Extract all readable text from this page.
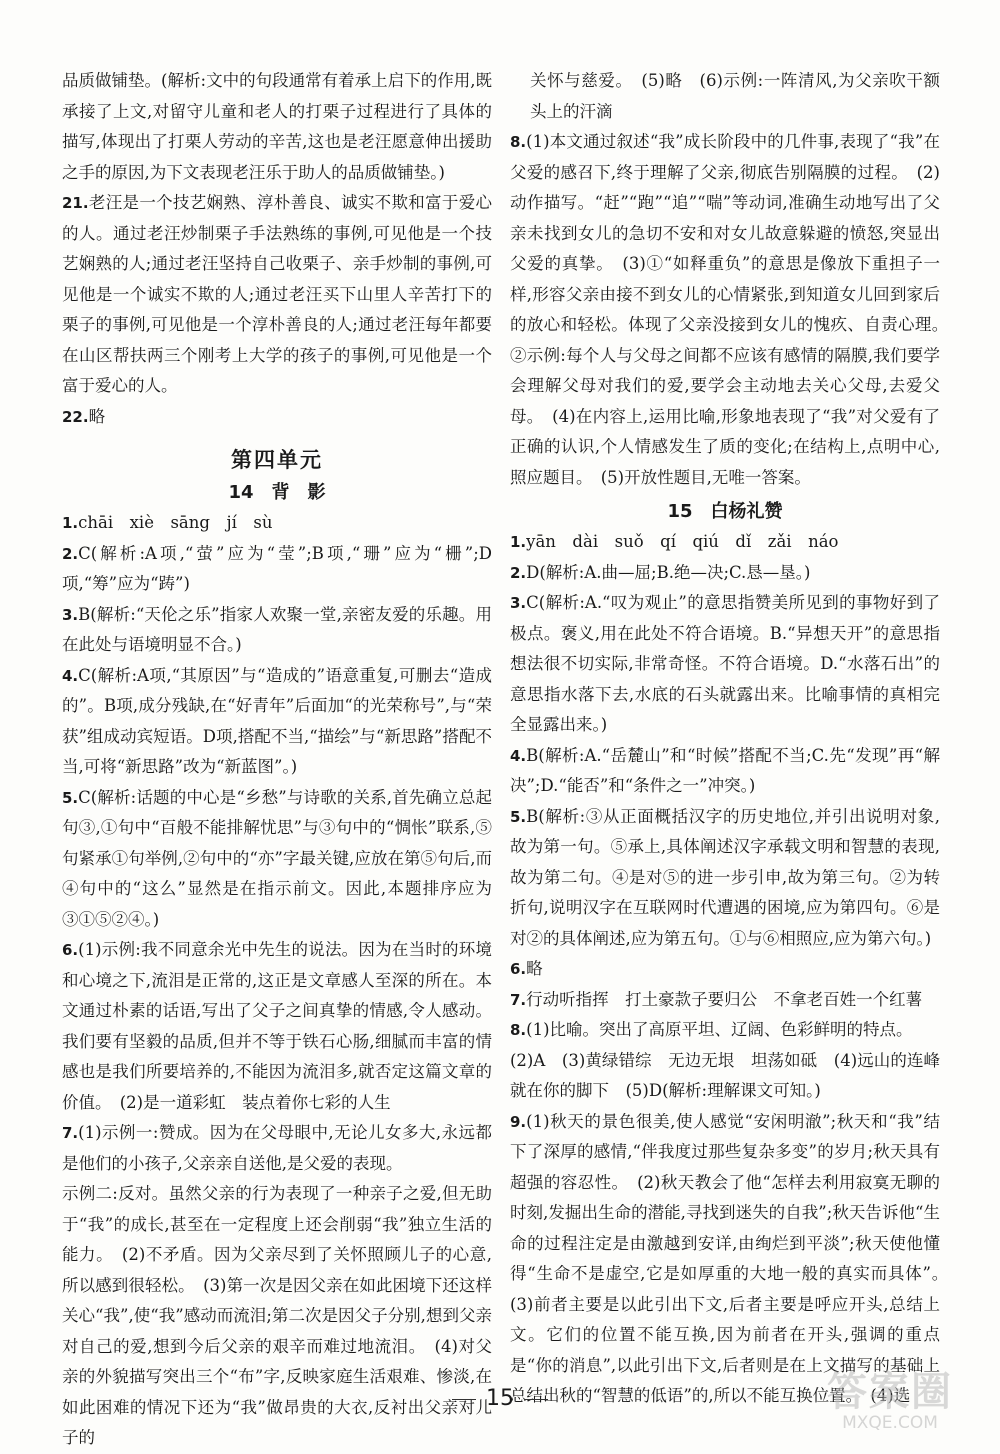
品质做铺垫。(解析:文中的句段通常有着承上启下的作用,既承接了上文,对留守儿童和老人的打栗子过程进行了具体的描写,体现出了打栗人劳动的辛苦,这也是老汪愿意伸出援助之手的原因,为下文表现老汪乐于助人的品质做铺垫。)

21.老汪是一个技艺娴熟、淳朴善良、诚实不欺和富于爱心的人。通过老汪炒制栗子手法熟练的事例,可见他是一个技艺娴熟的人;通过老汪坚持自己收栗子、亲手炒制的事例,可见他是一个诚实不欺的人;通过老汪买下山里人辛苦打下的栗子的事例,可见他是一个淳朴善良的人;通过老汪每年都要在山区帮扶两三个刚考上大学的孩子的事例,可见他是一个富于爱心的人。

22.略

第四单元
14　背　影

1.chāi　xiè　sāng　jí　sù

2.C(解析:A项,“萤”应为“莹”;B项,“珊”应为“栅”;D项,“筹”应为“踌”)

3.B(解析:“天伦之乐”指家人欢聚一堂,亲密友爱的乐趣。用在此处与语境明显不合。)

4.C(解析:A项,“其原因”与“造成的”语意重复,可删去“造成的”。B项,成分残缺,在“好青年”后面加“的光荣称号”,与“荣获”组成动宾短语。D项,搭配不当,“描绘”与“新思路”搭配不当,可将“新思路”改为“新蓝图”。)

5.C(解析:话题的中心是“乡愁”与诗歌的关系,首先确立总起句③,①句中“百般不能排解忧思”与③句中的“惆怅”联系,⑤句紧承①句举例,②句中的“亦”字最关键,应放在第⑤句后,而④句中的“这么”显然是在指示前文。因此,本题排序应为③①⑤②④。)

6.(1)示例:我不同意余光中先生的说法。因为在当时的环境和心境之下,流泪是正常的,这正是文章感人至深的所在。本文通过朴素的话语,写出了父子之间真挚的情感,令人感动。我们要有坚毅的品质,但并不等于铁石心肠,细腻而丰富的情感也是我们所要培养的,不能因为流泪多,就否定这篇文章的价值。　(2)是一道彩虹　装点着你七彩的人生

7.(1)示例一:赞成。因为在父母眼中,无论儿女多大,永远都是他们的小孩子,父亲亲自送他,是父爱的表现。

示例二:反对。虽然父亲的行为表现了一种亲子之爱,但无助于“我”的成长,甚至在一定程度上还会削弱“我”独立生活的能力。　(2)不矛盾。因为父亲尽到了关怀照顾儿子的心意,所以感到很轻松。　(3)第一次是因父亲在如此困境下还这样关心“我”,使“我”感动而流泪;第二次是因父子分别,想到父亲对自己的爱,想到今后父亲的艰辛而难过地流泪。　(4)对父亲的外貌描写突出三个“布”字,反映家庭生活艰难、惨淡,在如此困难的情况下还为“我”做昂贵的大衣,反衬出父亲对儿子的

关怀与慈爱。　(5)略　(6)示例:一阵清风,为父亲吹干额头上的汗滴

8.(1)本文通过叙述“我”成长阶段中的几件事,表现了“我”在父爱的感召下,终于理解了父亲,彻底告别隔膜的过程。　(2)动作描写。“赶”“跑”“追”“喘”等动词,准确生动地写出了父亲未找到女儿的急切不安和对女儿故意躲避的愤怒,突显出父爱的真挚。　(3)①“如释重负”的意思是像放下重担子一样,形容父亲由接不到女儿的心情紧张,到知道女儿回到家后的放心和轻松。体现了父亲没接到女儿的愧疚、自责心理。　②示例:每个人与父母之间都不应该有感情的隔膜,我们要学会理解父母对我们的爱,要学会主动地去关心父母,去爱父母。　(4)在内容上,运用比喻,形象地表现了“我”对父爱有了正确的认识,个人情感发生了质的变化;在结构上,点明中心,照应题目。　(5)开放性题目,无唯一答案。

15　白杨礼赞

1.yān　dài　suǒ　qí　qiú　dǐ　zǎi　náo

2.D(解析:A.曲—屈;B.绝—决;C.恳—垦。)

3.C(解析:A.“叹为观止”的意思指赞美所见到的事物好到了极点。褒义,用在此处不符合语境。B.“异想天开”的意思指想法很不切实际,非常奇怪。不符合语境。D.“水落石出”的意思指水落下去,水底的石头就露出来。比喻事情的真相完全显露出来。)

4.B(解析:A.“岳麓山”和“时候”搭配不当;C.先“发现”再“解决”;D.“能否”和“条件之一”冲突。)

5.B(解析:③从正面概括汉字的历史地位,并引出说明对象,故为第一句。⑤承上,具体阐述汉字承载文明和智慧的表现,故为第二句。④是对⑤的进一步引申,故为第三句。②为转折句,说明汉字在互联网时代遭遇的困境,应为第四句。⑥是对②的具体阐述,应为第五句。①与⑥相照应,应为第六句。)

6.略

7.行动听指挥　打土豪款子要归公　不拿老百姓一个红薯

8.(1)比喻。突出了高原平坦、辽阔、色彩鲜明的特点。

(2)A　(3)黄绿错综　无边无垠　坦荡如砥　(4)远山的连峰就在你的脚下　(5)D(解析:理解课文可知。)

9.(1)秋天的景色很美,使人感觉“安闲明澈”;秋天和“我”结下了深厚的感情,“伴我度过那些复杂多变”的岁月;秋天具有超强的容忍性。　(2)秋天教会了他“怎样去利用寂寞无聊的时刻,发掘出生命的潜能,寻找到迷失的自我”;秋天告诉他“生命的过程注定是由激越到安详,由绚烂到平淡”;秋天使他懂得“生命不是虚空,它是如厚重的大地一般的真实而具体”。　(3)前者主要是以此引出下文,后者主要是呼应开头,总结上文。它们的位置不能互换,因为前者在开头,强调的重点是“你的消息”,以此引出下文,后者则是在上文描写的基础上总结出秋的“智慧的低语”的,所以不能互换位置。　(4)选

15	答案圈
MXQE.COM
